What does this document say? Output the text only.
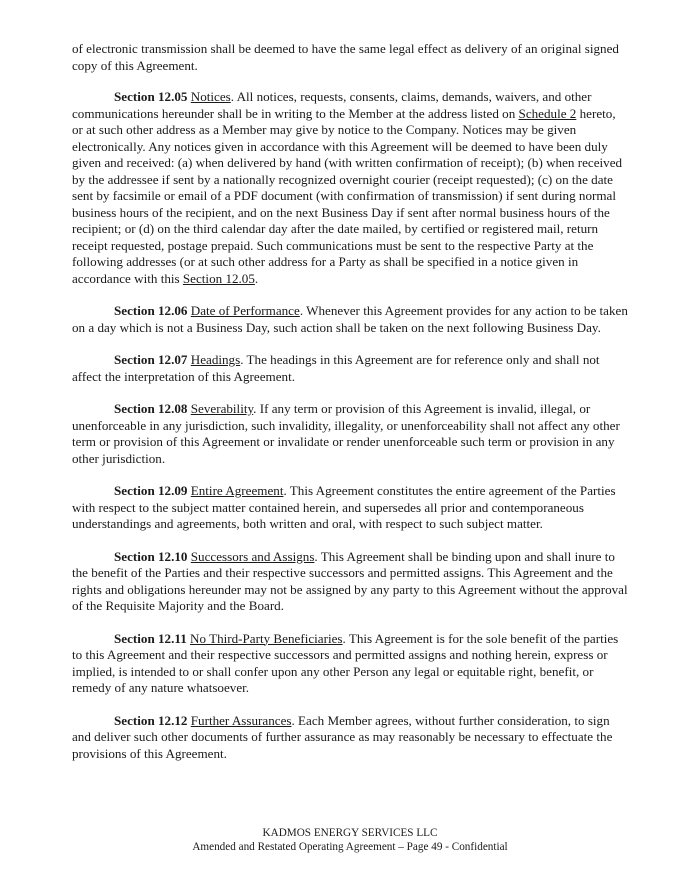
of electronic transmission shall be deemed to have the same legal effect as delivery of an original signed copy of this Agreement.

Section 12.05 Notices. All notices, requests, consents, claims, demands, waivers, and other communications hereunder shall be in writing to the Member at the address listed on Schedule 2 hereto, or at such other address as a Member may give by notice to the Company. Notices may be given electronically. Any notices given in accordance with this Agreement will be deemed to have been duly given and received: (a) when delivered by hand (with written confirmation of receipt); (b) when received by the addressee if sent by a nationally recognized overnight courier (receipt requested); (c) on the date sent by facsimile or email of a PDF document (with confirmation of transmission) if sent during normal business hours of the recipient, and on the next Business Day if sent after normal business hours of the recipient; or (d) on the third calendar day after the date mailed, by certified or registered mail, return receipt requested, postage prepaid. Such communications must be sent to the respective Party at the following addresses (or at such other address for a Party as shall be specified in a notice given in accordance with this Section 12.05.

Section 12.06 Date of Performance. Whenever this Agreement provides for any action to be taken on a day which is not a Business Day, such action shall be taken on the next following Business Day.

Section 12.07 Headings. The headings in this Agreement are for reference only and shall not affect the interpretation of this Agreement.

Section 12.08 Severability. If any term or provision of this Agreement is invalid, illegal, or unenforceable in any jurisdiction, such invalidity, illegality, or unenforceability shall not affect any other term or provision of this Agreement or invalidate or render unenforceable such term or provision in any other jurisdiction.

Section 12.09 Entire Agreement. This Agreement constitutes the entire agreement of the Parties with respect to the subject matter contained herein, and supersedes all prior and contemporaneous understandings and agreements, both written and oral, with respect to such subject matter.

Section 12.10 Successors and Assigns. This Agreement shall be binding upon and shall inure to the benefit of the Parties and their respective successors and permitted assigns. This Agreement and the rights and obligations hereunder may not be assigned by any party to this Agreement without the approval of the Requisite Majority and the Board.

Section 12.11 No Third-Party Beneficiaries. This Agreement is for the sole benefit of the parties to this Agreement and their respective successors and permitted assigns and nothing herein, express or implied, is intended to or shall confer upon any other Person any legal or equitable right, benefit, or remedy of any nature whatsoever.

Section 12.12 Further Assurances. Each Member agrees, without further consideration, to sign and deliver such other documents of further assurance as may reasonably be necessary to effectuate the provisions of this Agreement.

KADMOS ENERGY SERVICES LLC
Amended and Restated Operating Agreement – Page 49 - Confidential
